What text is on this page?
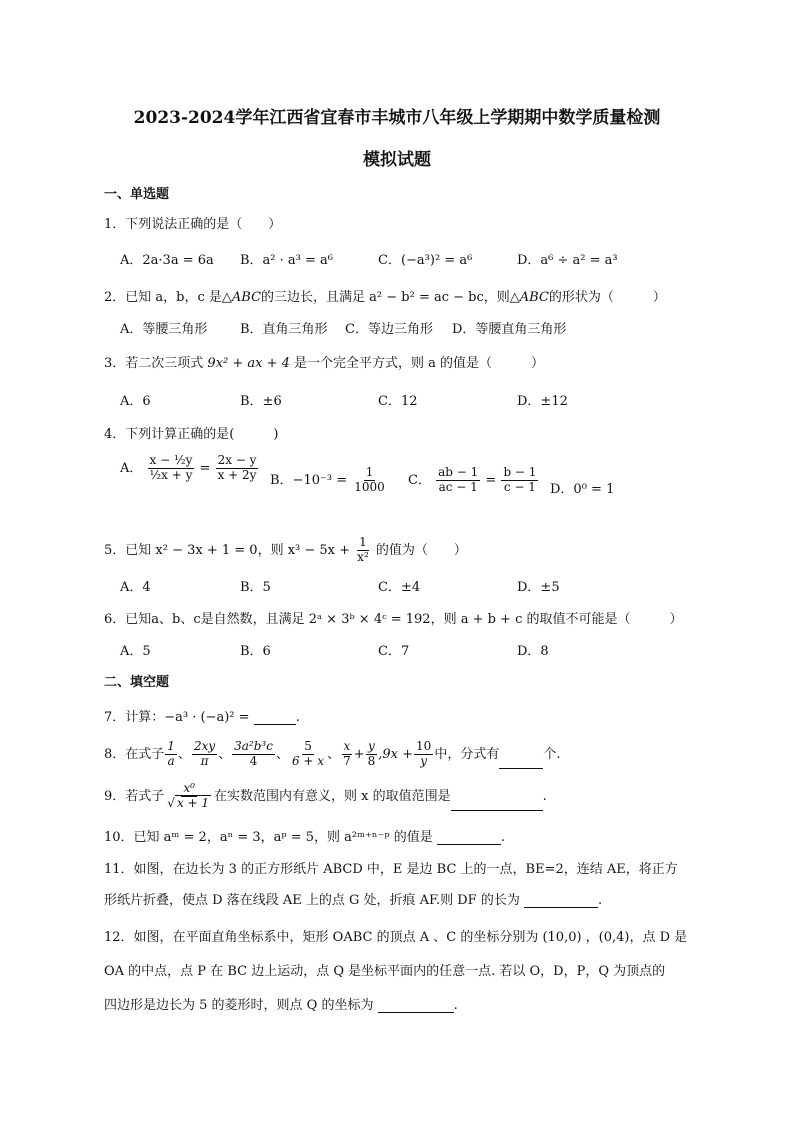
2023-2024学年江西省宜春市丰城市八年级上学期期中数学质量检测
模拟试题
一、单选题
1．下列说法正确的是（　　）
A．2a·3a = 6a B．a² · a³ = a⁶	C．(−a³)² = a⁶	D．a⁶ ÷ a² = a³
2．已知 a，b，c 是△ABC的三边长，且满足 a² − b² = ac − bc，则△ABC的形状为（　　　）
A．等腰三角形	B．直角三角形 C．等边三角形 D．等腰直角三角形
3．若二次三项式 9x² + ax + 4 是一个完全平方式，则 a 的值是（　　　）
A．6	B．±6	C．12	D．±12
4．下列计算正确的是(　　　)
A． $\frac{\text{x − ½y}}{\text{½x + y}} = \frac{2x - y}{x + 2y}$ B．$-10^{-3} = \frac{1}{1000}$ C． $\frac{ab - 1}{ac - 1} = \frac{b - 1}{c - 1}$ D．0⁰ = 1
5．已知 x² − 3x + 1 = 0，则 $x^3 - 5x + \frac{1}{\text{x²}}$ 的值为（　　）
A．4	B．5	C．±4	D．±5
6．已知a、b、c是自然数，且满足 2ᵃ × 3ᵇ × 4ᶜ = 192，则 a + b + c 的取值不可能是（　　　）
A．5	B．6	C．7	D．8
二、填空题
7．计算：−a³ · (−a)² =	.
8．在式子 $\frac{1}{a}$ 、 $\frac{2xy}{\pi}$ 、 $\frac{\text{3a²b³c}}{4}$ 、 $\frac{5}{6 + x}$ 、 $\frac{x}{7} + \frac{y}{8} ,9x + \frac{10}{y}$ 中，分式有	个.
9．若式子 $\frac{\text{x⁰}}{√ x + 1}$ 在实数范围内有意义，则 x 的取值范围是	.
10．已知 aᵐ = 2，aⁿ = 3，aᵖ = 5，则 a²ᵐ⁺ⁿ⁻ᵖ 的值是	.
11．如图，在边长为 3 的正方形纸片 ABCD 中，E 是边 BC 上的一点，BE=2，连结 AE，将正方
形纸片折叠，使点 D 落在线段 AE 上的点 G 处，折痕 AF.则 DF 的长为	.
12．如图，在平面直角坐标系中，矩形 OABC 的顶点 A 、C 的坐标分别为 (10,0) ，(0,4)，点 D 是
OA 的中点，点 P 在 BC 边上运动，点 Q 是坐标平面内的任意一点. 若以 O，D，P，Q 为顶点的
四边形是边长为 5 的菱形时，则点 Q 的坐标为	.
